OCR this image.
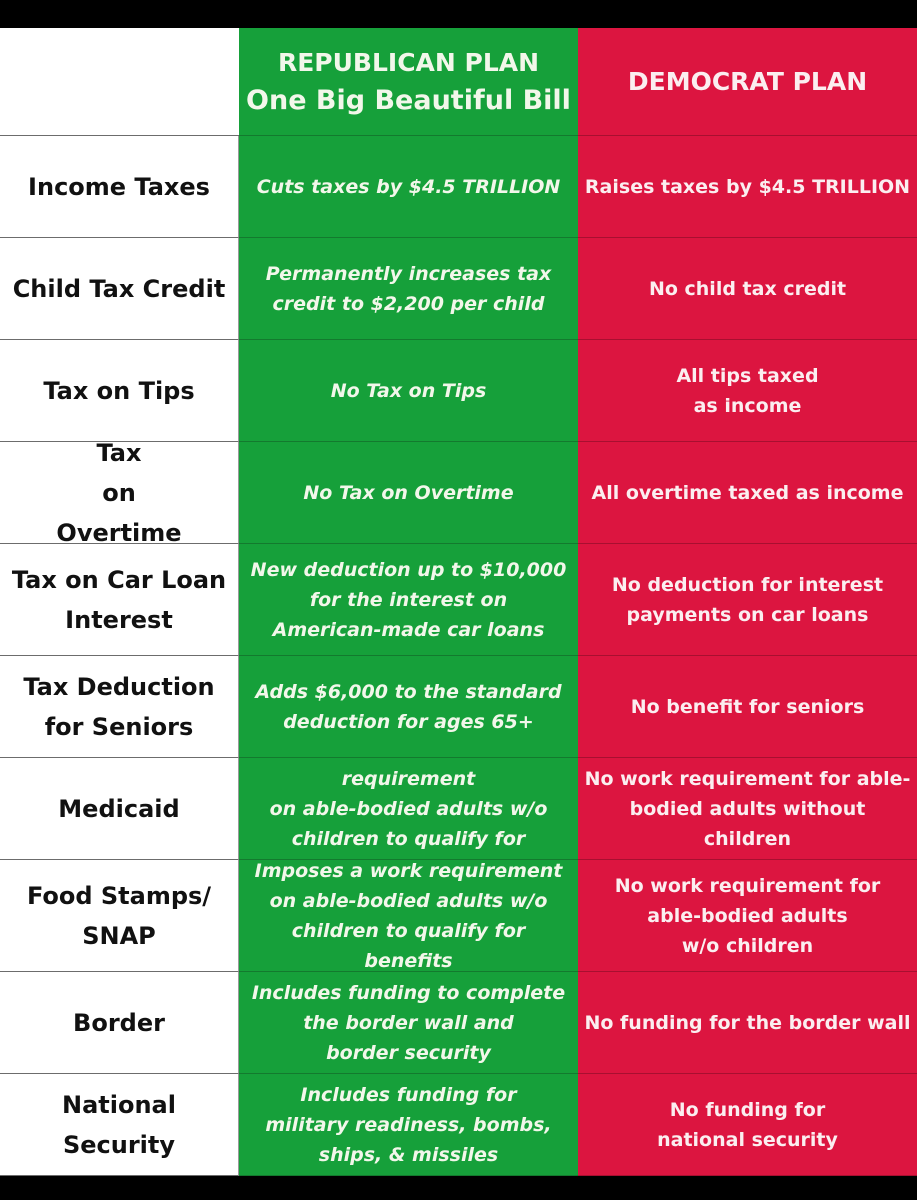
REPUBLICAN PLAN
One Big Beautiful Bill
DEMOCRAT PLAN
Income Taxes Cuts taxes by $4.5 TRILLION Raises taxes by $4.5 TRILLION
Child Tax Credit
Permanently increases tax
credit to $2,200 per child
No child tax credit
Tax on Tips	No Tax on Tips
All tips taxed
as income
Tax
on
Overtime
No Tax on Overtime	All overtime taxed as income
Tax on Car Loan
Interest
New deduction up to $10,000
for the interest on
American-made car loans
No deduction for interest
payments on car loans
Tax Deduction
for Seniors
Adds $6,000 to the standard
deduction for ages 65+
No benefit for seniors
Medicaid
requirement
on able-bodied adults w/o
children to qualify for
No work requirement for able-
bodied adults without children
Food Stamps/
SNAP
Imposes a work requirement
on able-bodied adults w/o
children to qualify for benefits
No work requirement for
able-bodied adults
w/o children
Border
Includes funding to complete
the border wall and
border security
No funding for the border wall
National
Security
Includes funding for
military readiness, bombs,
ships, & missiles
No funding for
national security
